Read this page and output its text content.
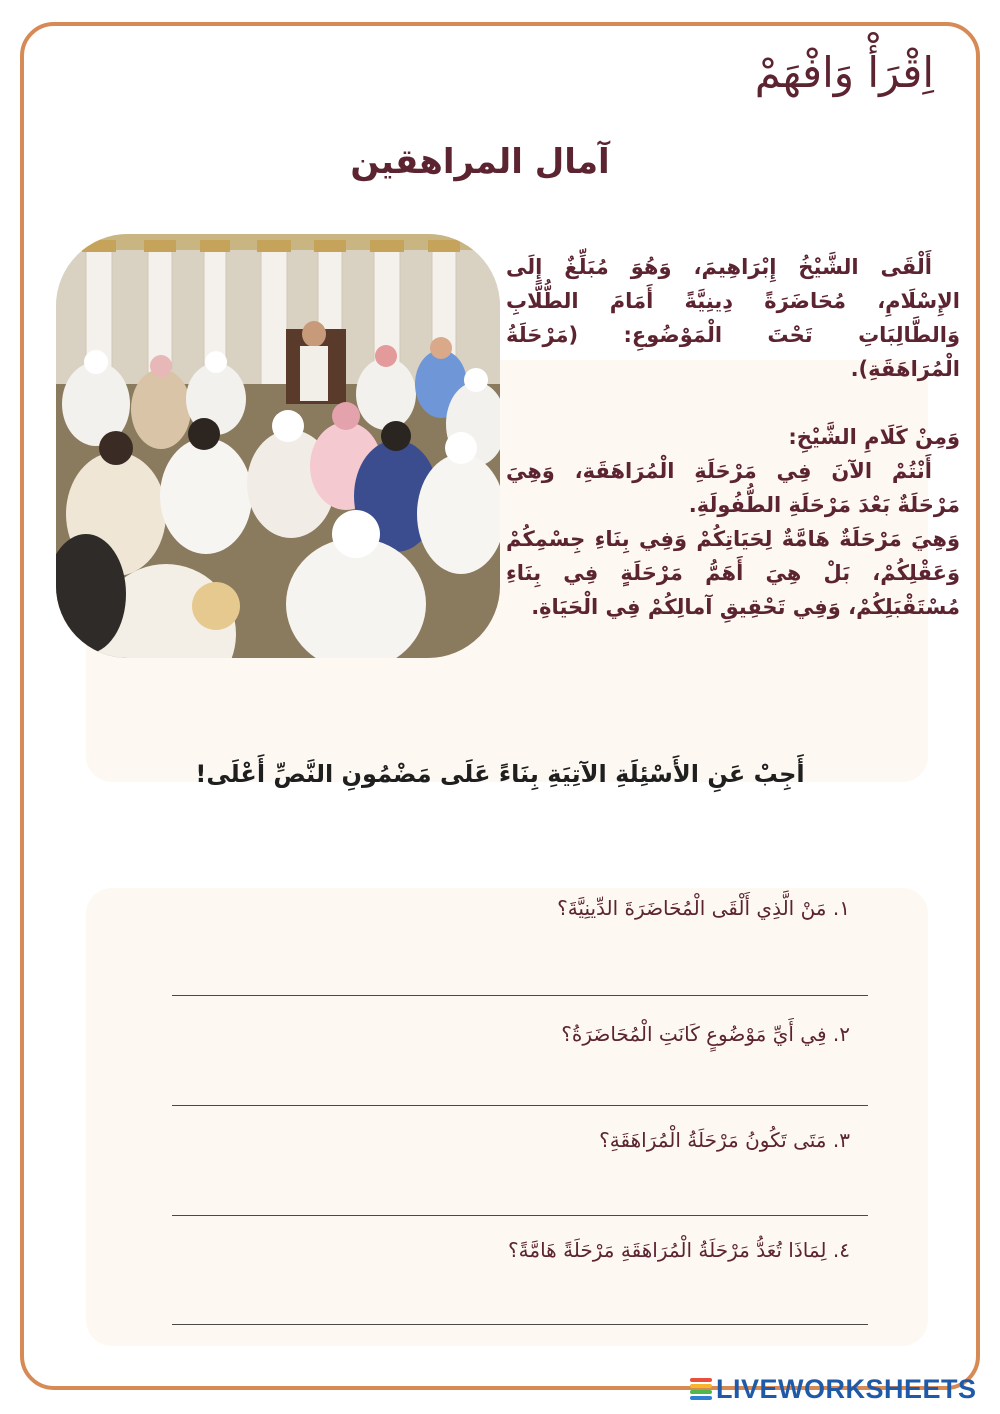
اِقْرَأْ وَافْهَمْ
آمال المراهقين

أَلْقَى الشَّيْخُ إِبْرَاهِيمَ، وَهُوَ مُبَلِّغٌ إِلَى الإِسْلَامِ، مُحَاضَرَةً دِينِيَّةً أَمَامَ الطُّلَّابِ وَالطَّالِبَاتِ تَحْتَ الْمَوْضُوعِ: (مَرْحَلَةُ الْمُرَاهَقَةِ).

وَمِنْ كَلَامِ الشَّيْخِ:

أَنْتُمْ الآنَ فِي مَرْحَلَةِ الْمُرَاهَقَةِ، وَهِيَ مَرْحَلَةٌ بَعْدَ مَرْحَلَةِ الطُّفُولَةِ.

وَهِيَ مَرْحَلَةٌ هَامَّةٌ لِحَيَاتِكُمْ وَفِي بِنَاءِ جِسْمِكُمْ وَعَقْلِكُمْ، بَلْ هِيَ أَهَمُّ مَرْحَلَةٍ فِي بِنَاءِ مُسْتَقْبَلِكُمْ، وَفِي تَحْقِيقِ آمالِكُمْ فِي الْحَيَاةِ.

أَجِبْ عَنِ الأَسْئِلَةِ الآتِيَةِ بِنَاءً عَلَى مَضْمُونِ النَّصِّ أَعْلَى!

١. مَنْ الَّذِي أَلْقَى الْمُحَاضَرَةَ الدِّينِيَّةَ؟

٢. فِي أَيِّ مَوْضُوعٍ كَانَتِ الْمُحَاضَرَةُ؟

٣. مَتَى تَكُونُ مَرْحَلَةُ الْمُرَاهَقَةِ؟

٤. لِمَاذَا تُعَدُّ مَرْحَلَةُ الْمُرَاهَقَةِ مَرْحَلَةً هَامَّةً؟

LIVEWORKSHEETS
